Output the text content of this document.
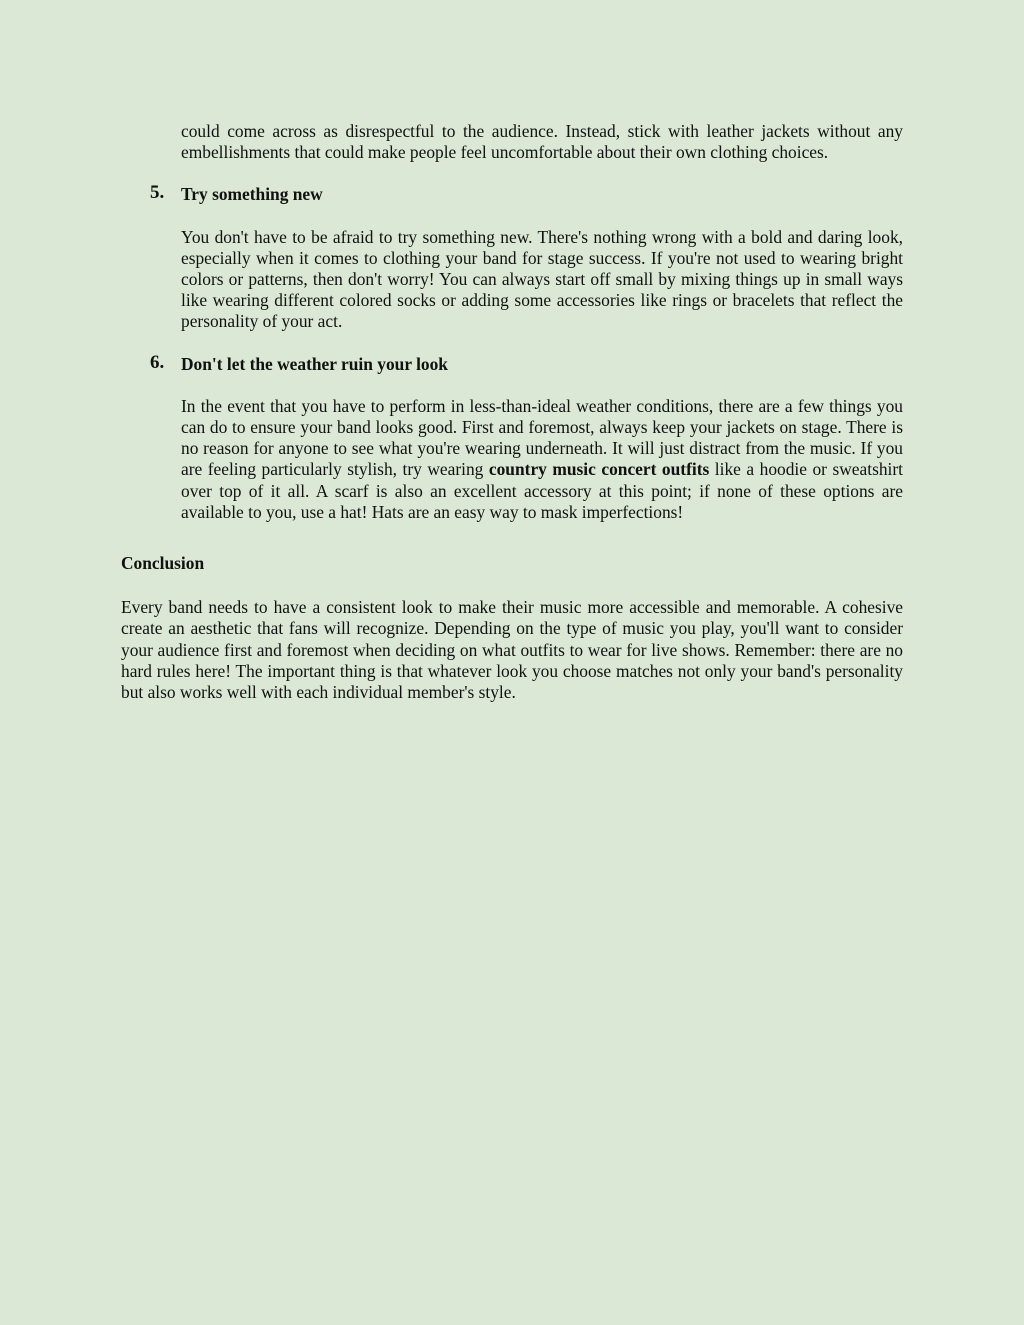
could come across as disrespectful to the audience. Instead, stick with leather jackets without any embellishments that could make people feel uncomfortable about their own clothing choices.

5. Try something new

You don't have to be afraid to try something new. There's nothing wrong with a bold and daring look, especially when it comes to clothing your band for stage success. If you're not used to wearing bright colors or patterns, then don't worry! You can always start off small by mixing things up in small ways like wearing different colored socks or adding some accessories like rings or bracelets that reflect the personality of your act.

6. Don't let the weather ruin your look

In the event that you have to perform in less-than-ideal weather conditions, there are a few things you can do to ensure your band looks good. First and foremost, always keep your jackets on stage. There is no reason for anyone to see what you're wearing underneath. It will just distract from the music. If you are feeling particularly stylish, try wearing country music concert outfits like a hoodie or sweatshirt over top of it all. A scarf is also an excellent accessory at this point; if none of these options are available to you, use a hat! Hats are an easy way to mask imperfections!

Conclusion

Every band needs to have a consistent look to make their music more accessible and memorable. A cohesive create an aesthetic that fans will recognize. Depending on the type of music you play, you'll want to consider your audience first and foremost when deciding on what outfits to wear for live shows. Remember: there are no hard rules here! The important thing is that whatever look you choose matches not only your band's personality but also works well with each individual member's style.
